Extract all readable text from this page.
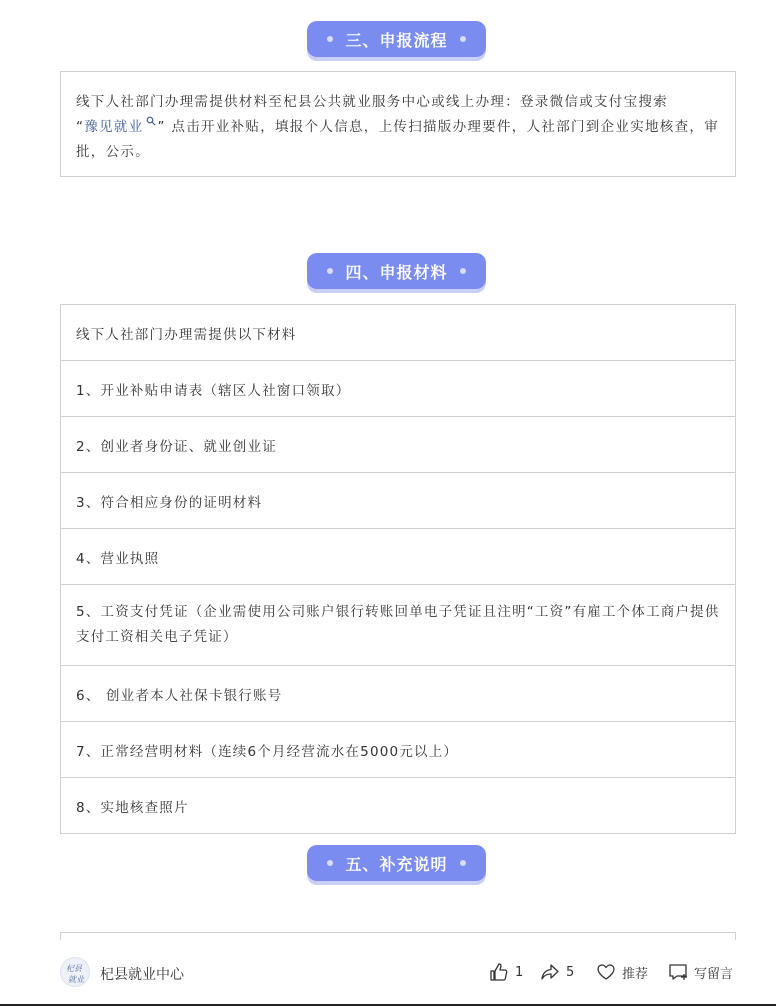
三、申报流程
线下人社部门办理需提供材料至杞县公共就业服务中心或线上办理：登录微信或支付宝搜索
“豫见就业 ” 点击开业补贴，填报个人信息，上传扫描版办理要件，人社部门到企业实地核查，审批，公示。
四、申报材料
线下人社部门办理需提供以下材料
1、开业补贴申请表（辖区人社窗口领取）
2、创业者身份证、就业创业证
3、符合相应身份的证明材料
4、营业执照
5、工资支付凭证（企业需使用公司账户银行转账回单电子凭证且注明“工资”有雇工个体工商户提供支付工资相关电子凭证）
6、 创业者本人社保卡银行账号
7、正常经营明材料（连续6个月经营流水在5000元以上）
8、实地核查照片
五、补充说明
杞县
就业 杞县就业中心	1	5	推荐	写留言
